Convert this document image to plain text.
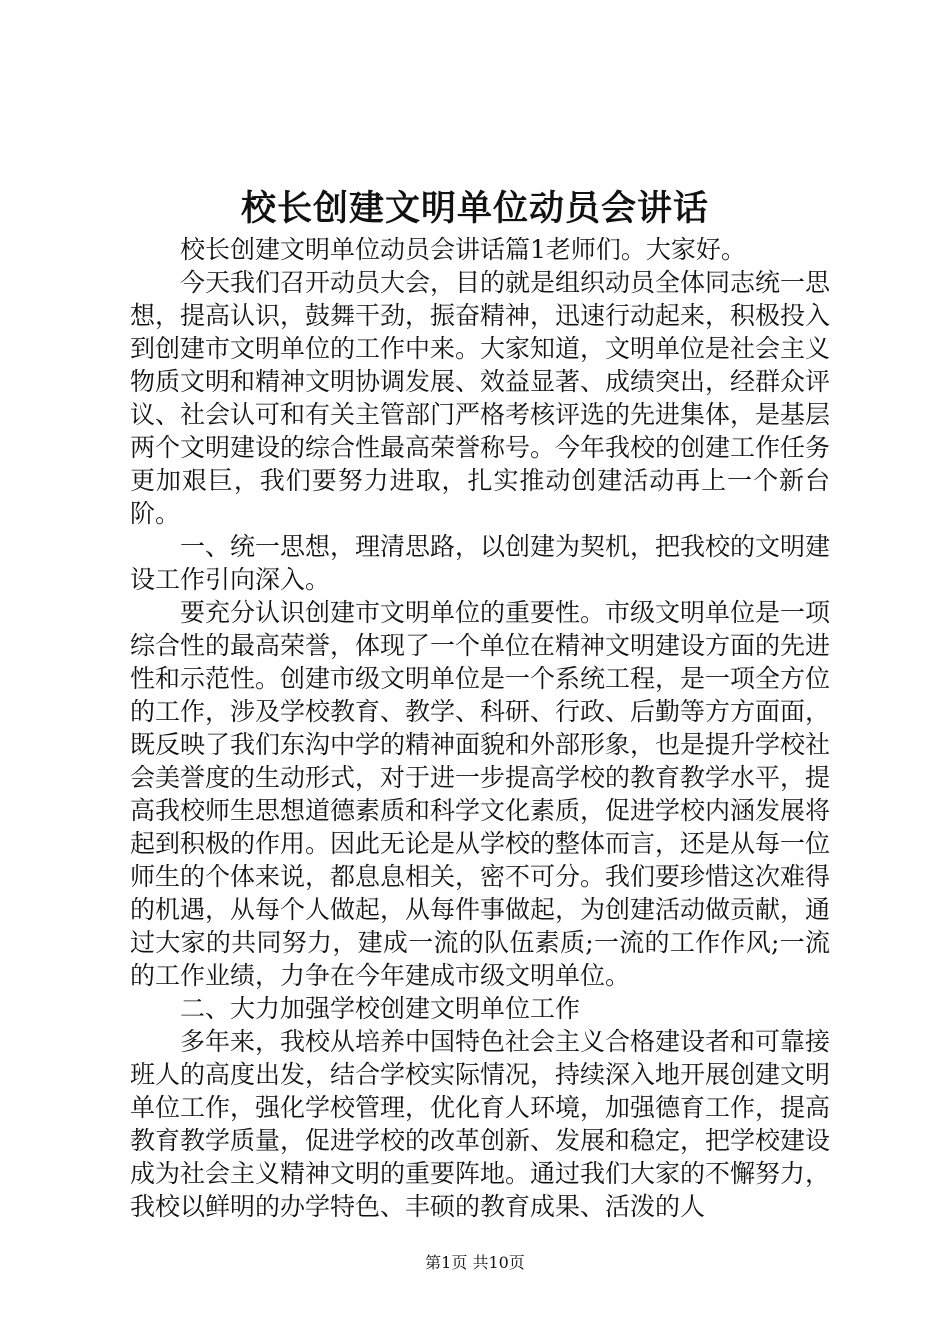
校长创建文明单位动员会讲话

校长创建文明单位动员会讲话篇1老师们。大家好。

今天我们召开动员大会，目的就是组织动员全体同志统一思想，提高认识，鼓舞干劲，振奋精神，迅速行动起来，积极投入到创建市文明单位的工作中来。大家知道，文明单位是社会主义物质文明和精神文明协调发展、效益显著、成绩突出，经群众评议、社会认可和有关主管部门严格考核评选的先进集体，是基层两个文明建设的综合性最高荣誉称号。今年我校的创建工作任务更加艰巨，我们要努力进取，扎实推动创建活动再上一个新台阶。

一、统一思想，理清思路，以创建为契机，把我校的文明建设工作引向深入。

要充分认识创建市文明单位的重要性。市级文明单位是一项综合性的最高荣誉，体现了一个单位在精神文明建设方面的先进性和示范性。创建市级文明单位是一个系统工程，是一项全方位的工作，涉及学校教育、教学、科研、行政、后勤等方方面面，既反映了我们东沟中学的精神面貌和外部形象，也是提升学校社会美誉度的生动形式，对于进一步提高学校的教育教学水平，提高我校师生思想道德素质和科学文化素质，促进学校内涵发展将起到积极的作用。因此无论是从学校的整体而言，还是从每一位师生的个体来说，都息息相关，密不可分。我们要珍惜这次难得的机遇，从每个人做起，从每件事做起，为创建活动做贡献，通过大家的共同努力，建成一流的队伍素质;一流的工作作风;一流的工作业绩，力争在今年建成市级文明单位。

二、大力加强学校创建文明单位工作

多年来，我校从培养中国特色社会主义合格建设者和可靠接班人的高度出发，结合学校实际情况，持续深入地开展创建文明单位工作，强化学校管理，优化育人环境，加强德育工作，提高教育教学质量，促进学校的改革创新、发展和稳定，把学校建设成为社会主义精神文明的重要阵地。通过我们大家的不懈努力，我校以鲜明的办学特色、丰硕的教育成果、活泼的人

第1页 共10页
